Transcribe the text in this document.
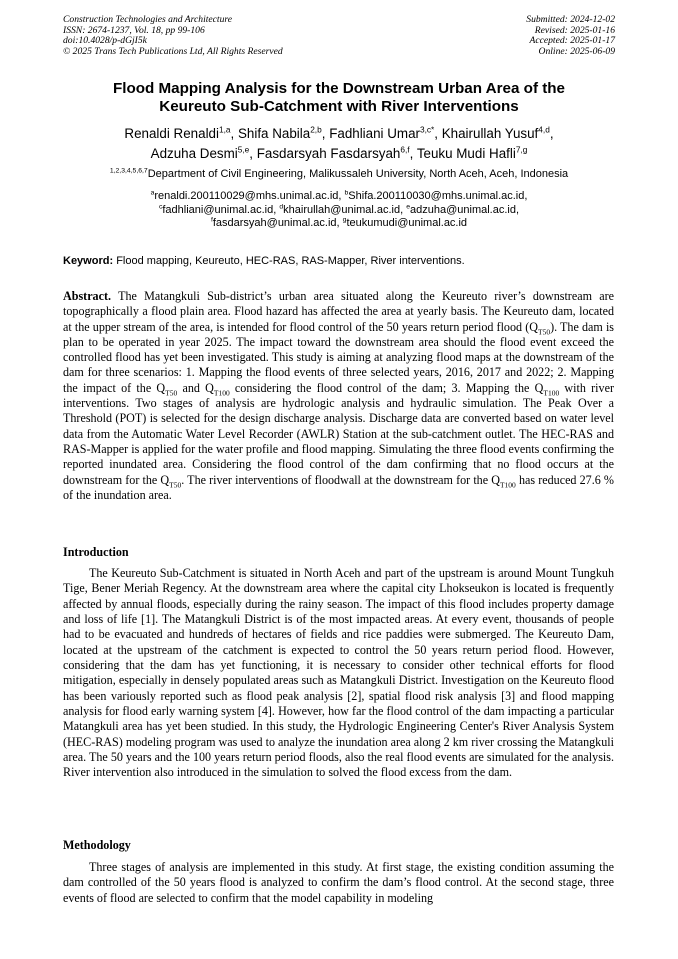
Construction Technologies and Architecture
ISSN: 2674-1237, Vol. 18, pp 99-106
doi:10.4028/p-dGjI5k
© 2025 Trans Tech Publications Ltd, All Rights Reserved
Submitted: 2024-12-02
Revised: 2025-01-16
Accepted: 2025-01-17
Online: 2025-06-09
Flood Mapping Analysis for the Downstream Urban Area of the
Keureuto Sub-Catchment with River Interventions
Renaldi Renaldi$^{1,a}$, Shifa Nabila$^{2,b}$, Fadhliani Umar$^{3,c*}$, Khairullah Yusuf$^{4,d}$,
Adzuha Desmi$^{5,e}$, Fasdarsyah Fasdarsyah$^{6,f}$, Teuku Mudi Hafli$^{7,g}$
$^{1,2,3,4,5,6,7}$Department of Civil Engineering, Malikussaleh University, North Aceh, Aceh, Indonesia
$^a$renaldi.200110029@mhs.unimal.ac.id, $^b$Shifa.200110030@mhs.unimal.ac.id,
$^c$fadhliani@unimal.ac.id, $^d$khairullah@unimal.ac.id, $^e$adzuha@unimal.ac.id,
$^f$fasdarsyah@unimal.ac.id, $^g$teukumudi@unimal.ac.id
Keyword: Flood mapping, Keureuto, HEC-RAS, RAS-Mapper, River interventions.
Abstract. The Matangkuli Sub-district’s urban area situated along the Keureuto river’s downstream are topographically a flood plain area. Flood hazard has affected the area at yearly basis. The Keureuto dam, located at the upper stream of the area, is intended for flood control of the 50 years return period flood $(Q_{T50})$. The dam is plan to be operated in year 2025. The impact toward the downstream area should the flood event exceed the controlled flood has yet been investigated. This study is aiming at analyzing flood maps at the downstream of the dam for three scenarios: 1. Mapping the flood events of three selected years, 2016, 2017 and 2022; 2. Mapping the impact of the $Q_{T50}$ and $Q_{T100}$ considering the flood control of the dam; 3. Mapping the $Q_{T100}$ with river interventions. Two stages of analysis are hydrologic analysis and hydraulic simulation. The Peak Over a Threshold (POT) is selected for the design discharge analysis. Discharge data are converted based on water level data from the Automatic Water Level Recorder (AWLR) Station at the sub-catchment outlet. The HEC-RAS and RAS-Mapper is applied for the water profile and flood mapping. Simulating the three flood events confirming the reported inundated area. Considering the flood control of the dam confirming that no flood occurs at the downstream for the $Q_{T50}$. The river interventions of floodwall at the downstream for the $Q_{T100}$ has reduced 27.6 % of the inundation area.
Introduction
The Keureuto Sub-Catchment is situated in North Aceh and part of the upstream is around Mount Tungkuh Tige, Bener Meriah Regency. At the downstream area where the capital city Lhokseukon is located is frequently affected by annual floods, especially during the rainy season. The impact of this flood includes property damage and loss of life [1]. The Matangkuli District is of the most impacted areas. At every event, thousands of people had to be evacuated and hundreds of hectares of fields and rice paddies were submerged. The Keureuto Dam, located at the upstream of the catchment is expected to control the 50 years return period flood. However, considering that the dam has yet functioning, it is necessary to consider other technical efforts for flood mitigation, especially in densely populated areas such as Matangkuli District. Investigation on the Keureuto flood has been variously reported such as flood peak analysis [2], spatial flood risk analysis [3] and flood mapping analysis for flood early warning system [4]. However, how far the flood control of the dam impacting a particular Matangkuli area has yet been studied. In this study, the Hydrologic Engineering Center's River Analysis System (HEC-RAS) modeling program was used to analyze the inundation area along 2 km river crossing the Matangkuli area. The 50 years and the 100 years return period floods, also the real flood events are simulated for the analysis. River intervention also introduced in the simulation to solved the flood excess from the dam.
Methodology
Three stages of analysis are implemented in this study. At first stage, the existing condition assuming the dam controlled of the 50 years flood is analyzed to confirm the dam’s flood control. At the second stage, three events of flood are selected to confirm that the model capability in modeling
